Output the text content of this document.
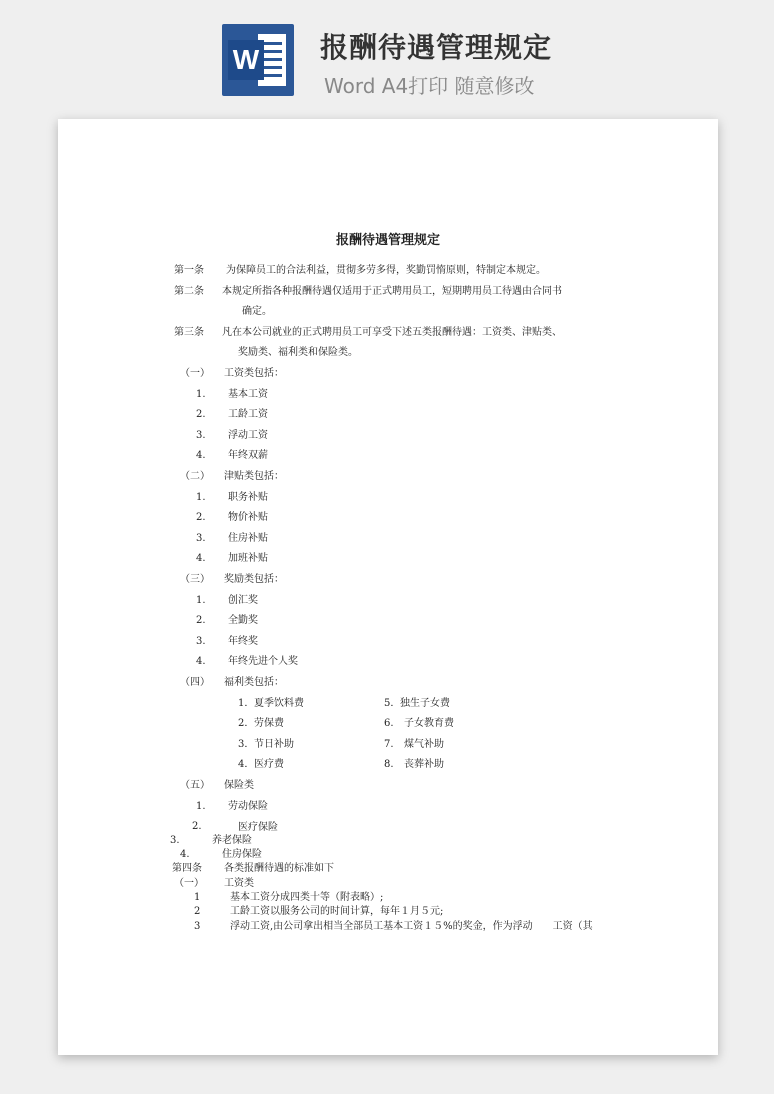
W 报酬待遇管理规定
Word A4打印 随意修改

报酬待遇管理规定
第一条 为保障员工的合法利益，贯彻多劳多得，奖勤罚惰原则，特制定本规定。
第二条 本规定所指各种报酬待遇仅适用于正式聘用员工，短期聘用员工待遇由合同书
确定。
第三条 凡在本公司就业的正式聘用员工可享受下述五类报酬待遇：工资类、津贴类、
奖励类、福利类和保险类。
（一） 工资类包括：
1. 基本工资
2. 工龄工资
3. 浮动工资
4. 年终双薪
（二） 津贴类包括：
1. 职务补贴
2. 物价补贴
3. 住房补贴
4. 加班补贴
（三） 奖励类包括：
1. 创汇奖
2. 全勤奖
3. 年终奖
4. 年终先进个人奖
（四） 福利类包括：
1． 夏季饮料费	5． 独生子女费
2． 劳保费	6. 子女教育费
3． 节日补助	7. 煤气补助
4． 医疗费	8. 丧葬补助
（五） 保险类
1. 劳动保险
2.	医疗保险
3.	养老保险
4.	住房保险
第四条 各类报酬待遇的标准如下
（一） 工资类
1	基本工资分成四类十等（附表略）;
2	工龄工资以服务公司的时间计算，每年１月５元;
3	浮动工资,由公司拿出相当全部员工基本工资１５%的奖金，作为浮动　　工资（其
